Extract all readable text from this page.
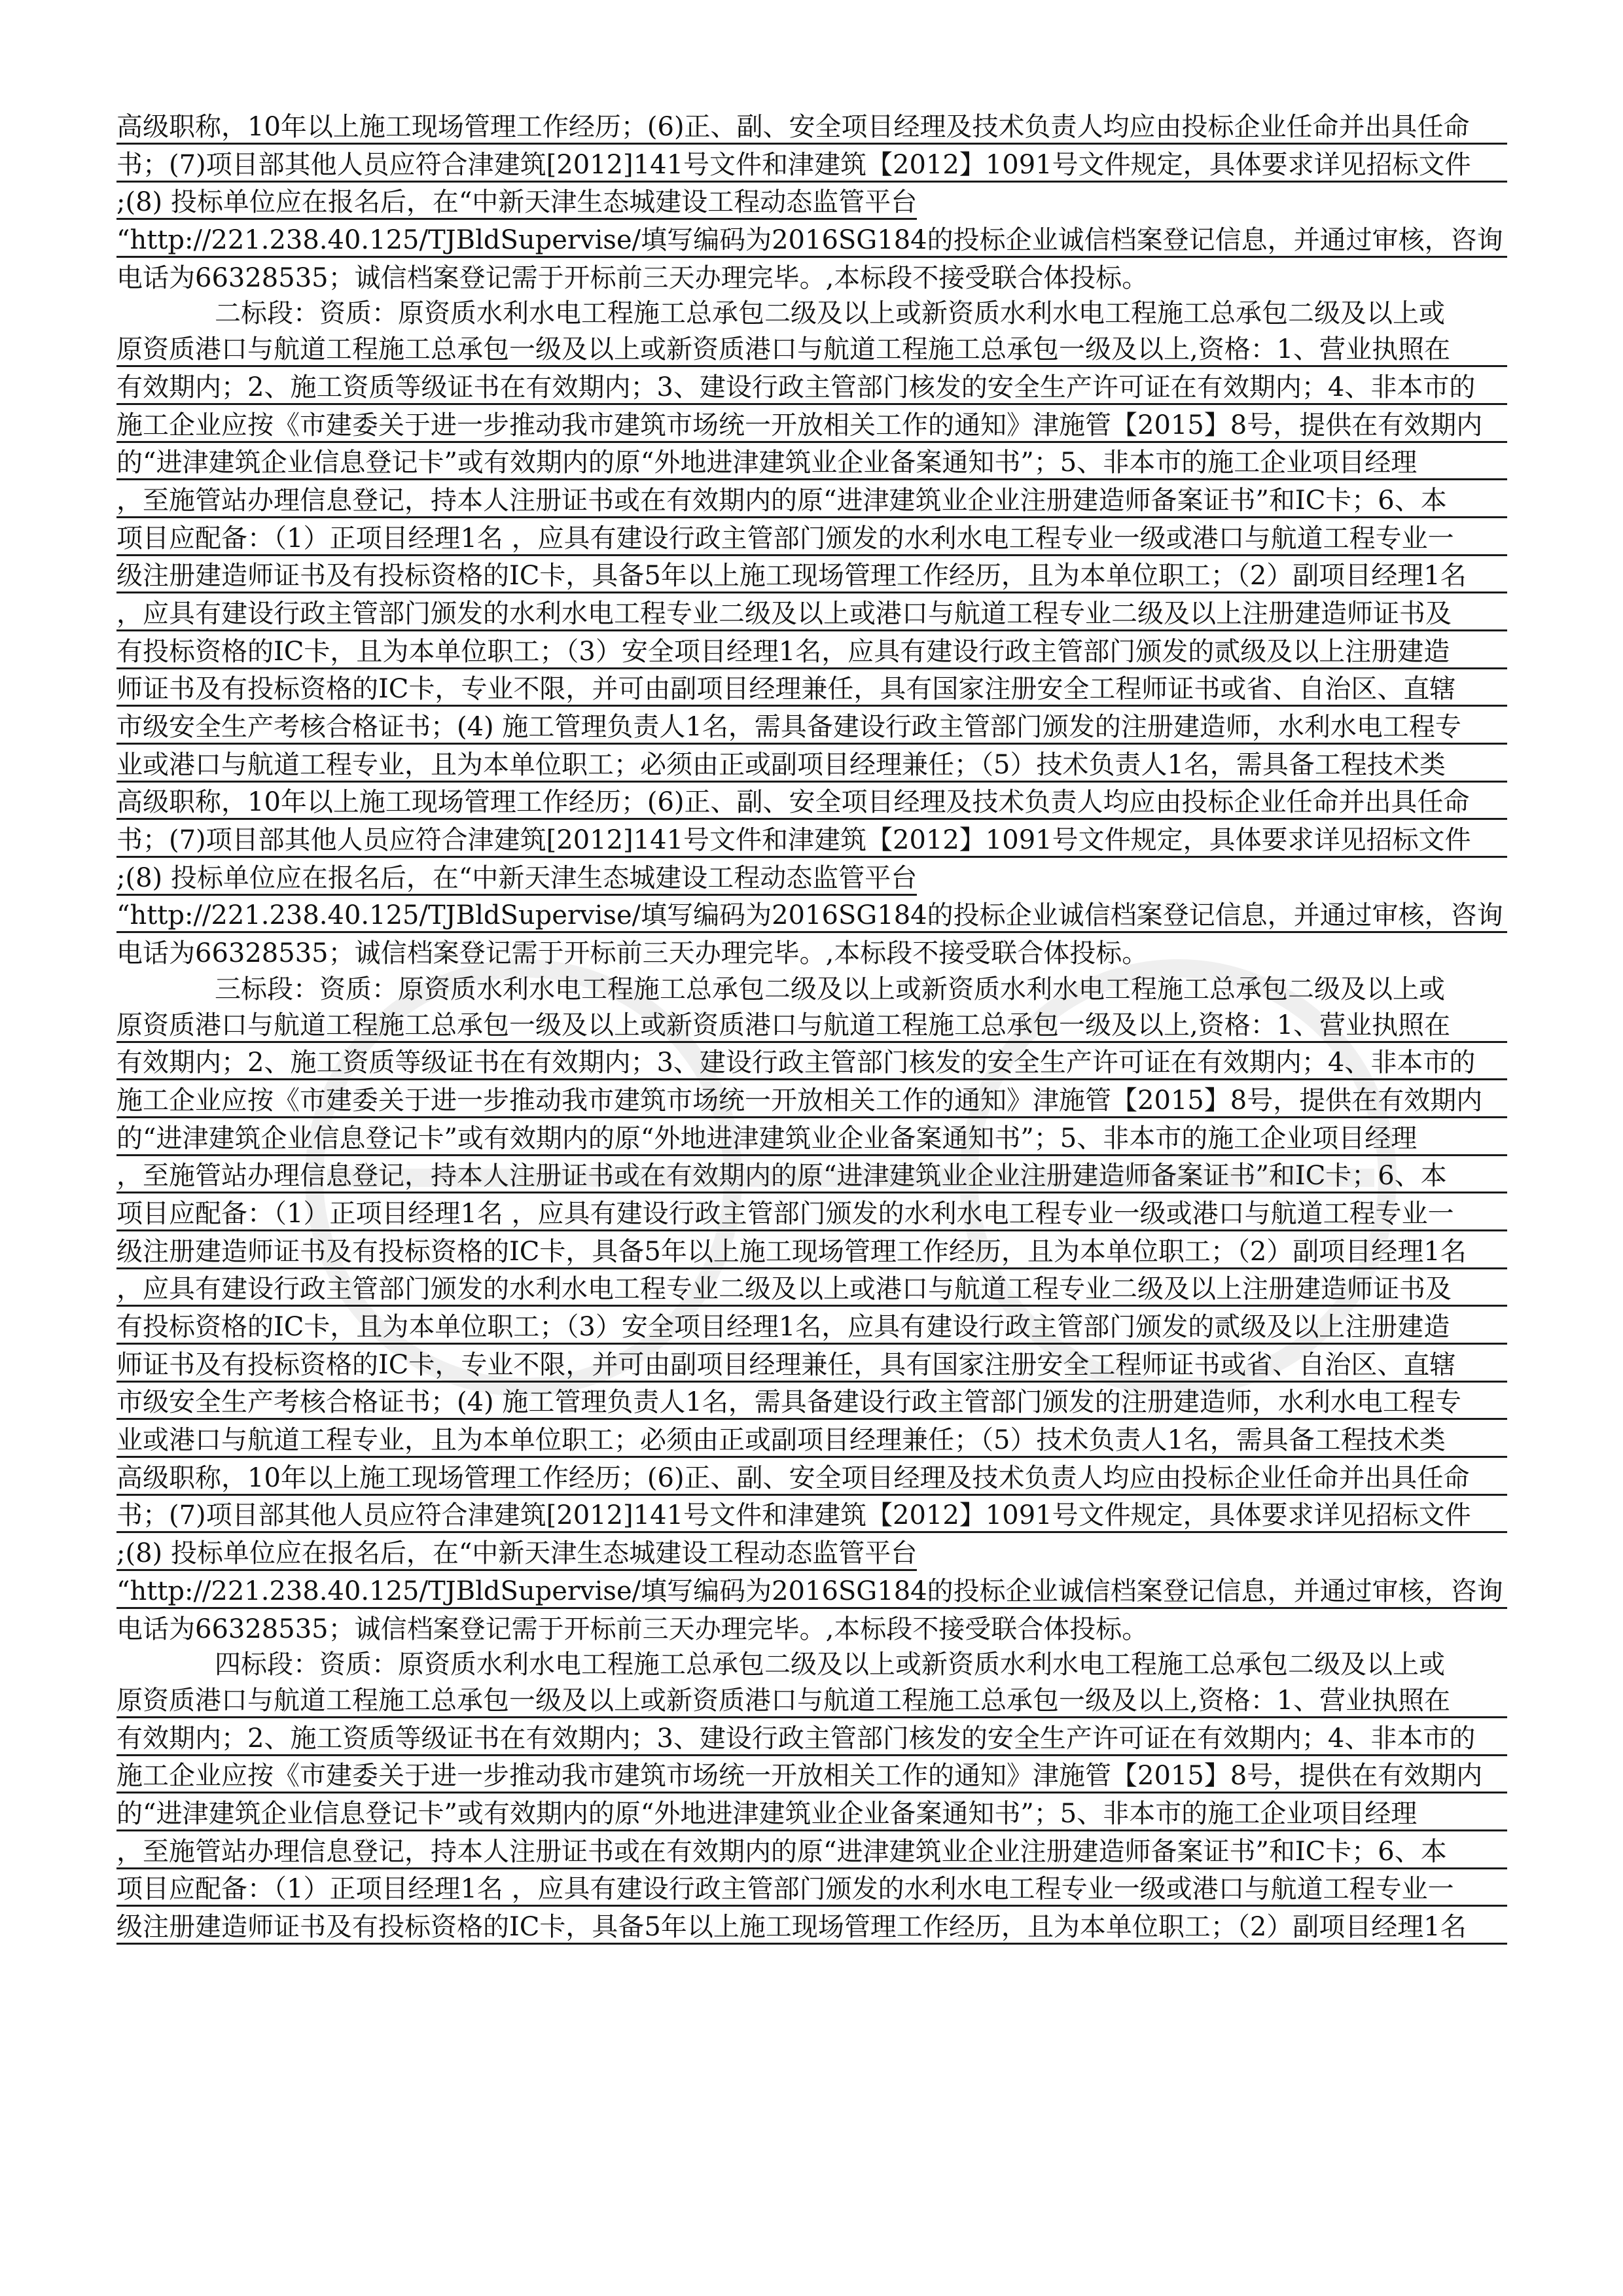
高级职称，10年以上施工现场管理工作经历；(6)正、副、安全项目经理及技术负责人均应由投标企业任命并出具任命
书；(7)项目部其他人员应符合津建筑[2012]141号文件和津建筑【2012】1091号文件规定，具体要求详见招标文件
;(8) 投标单位应在报名后，在“中新天津生态城建设工程动态监管平台
“http://221.238.40.125/TJBldSupervise/填写编码为2016SG184的投标企业诚信档案登记信息，并通过审核，咨询
电话为66328535；诚信档案登记需于开标前三天办理完毕。,本标段不接受联合体投标。
二标段：资质：原资质水利水电工程施工总承包二级及以上或新资质水利水电工程施工总承包二级及以上或
原资质港口与航道工程施工总承包一级及以上或新资质港口与航道工程施工总承包一级及以上,资格：1、营业执照在
有效期内；2、施工资质等级证书在有效期内；3、建设行政主管部门核发的安全生产许可证在有效期内；4、非本市的
施工企业应按《市建委关于进一步推动我市建筑市场统一开放相关工作的通知》津施管【2015】8号，提供在有效期内
的“进津建筑企业信息登记卡”或有效期内的原“外地进津建筑业企业备案通知书”；5、非本市的施工企业项目经理
，至施管站办理信息登记，持本人注册证书或在有效期内的原“进津建筑业企业注册建造师备案证书”和IC卡；6、本
项目应配备：（1）正项目经理1名 ，应具有建设行政主管部门颁发的水利水电工程专业一级或港口与航道工程专业一
级注册建造师证书及有投标资格的IC卡，具备5年以上施工现场管理工作经历，且为本单位职工；（2）副项目经理1名
，应具有建设行政主管部门颁发的水利水电工程专业二级及以上或港口与航道工程专业二级及以上注册建造师证书及
有投标资格的IC卡，且为本单位职工；（3）安全项目经理1名，应具有建设行政主管部门颁发的贰级及以上注册建造
师证书及有投标资格的IC卡，专业不限，并可由副项目经理兼任，具有国家注册安全工程师证书或省、自治区、直辖
市级安全生产考核合格证书；(4) 施工管理负责人1名，需具备建设行政主管部门颁发的注册建造师，水利水电工程专
业或港口与航道工程专业，且为本单位职工；必须由正或副项目经理兼任；（5）技术负责人1名，需具备工程技术类
高级职称，10年以上施工现场管理工作经历；(6)正、副、安全项目经理及技术负责人均应由投标企业任命并出具任命
书；(7)项目部其他人员应符合津建筑[2012]141号文件和津建筑【2012】1091号文件规定，具体要求详见招标文件
;(8) 投标单位应在报名后，在“中新天津生态城建设工程动态监管平台
“http://221.238.40.125/TJBldSupervise/填写编码为2016SG184的投标企业诚信档案登记信息，并通过审核，咨询
电话为66328535；诚信档案登记需于开标前三天办理完毕。,本标段不接受联合体投标。
三标段：资质：原资质水利水电工程施工总承包二级及以上或新资质水利水电工程施工总承包二级及以上或
原资质港口与航道工程施工总承包一级及以上或新资质港口与航道工程施工总承包一级及以上,资格：1、营业执照在
有效期内；2、施工资质等级证书在有效期内；3、建设行政主管部门核发的安全生产许可证在有效期内；4、非本市的
施工企业应按《市建委关于进一步推动我市建筑市场统一开放相关工作的通知》津施管【2015】8号，提供在有效期内
的“进津建筑企业信息登记卡”或有效期内的原“外地进津建筑业企业备案通知书”；5、非本市的施工企业项目经理
，至施管站办理信息登记，持本人注册证书或在有效期内的原“进津建筑业企业注册建造师备案证书”和IC卡；6、本
项目应配备：（1）正项目经理1名 ，应具有建设行政主管部门颁发的水利水电工程专业一级或港口与航道工程专业一
级注册建造师证书及有投标资格的IC卡，具备5年以上施工现场管理工作经历，且为本单位职工；（2）副项目经理1名
，应具有建设行政主管部门颁发的水利水电工程专业二级及以上或港口与航道工程专业二级及以上注册建造师证书及
有投标资格的IC卡，且为本单位职工；（3）安全项目经理1名，应具有建设行政主管部门颁发的贰级及以上注册建造
师证书及有投标资格的IC卡，专业不限，并可由副项目经理兼任，具有国家注册安全工程师证书或省、自治区、直辖
市级安全生产考核合格证书；(4) 施工管理负责人1名，需具备建设行政主管部门颁发的注册建造师，水利水电工程专
业或港口与航道工程专业，且为本单位职工；必须由正或副项目经理兼任；（5）技术负责人1名，需具备工程技术类
高级职称，10年以上施工现场管理工作经历；(6)正、副、安全项目经理及技术负责人均应由投标企业任命并出具任命
书；(7)项目部其他人员应符合津建筑[2012]141号文件和津建筑【2012】1091号文件规定，具体要求详见招标文件
;(8) 投标单位应在报名后，在“中新天津生态城建设工程动态监管平台
“http://221.238.40.125/TJBldSupervise/填写编码为2016SG184的投标企业诚信档案登记信息，并通过审核，咨询
电话为66328535；诚信档案登记需于开标前三天办理完毕。,本标段不接受联合体投标。
四标段：资质：原资质水利水电工程施工总承包二级及以上或新资质水利水电工程施工总承包二级及以上或
原资质港口与航道工程施工总承包一级及以上或新资质港口与航道工程施工总承包一级及以上,资格：1、营业执照在
有效期内；2、施工资质等级证书在有效期内；3、建设行政主管部门核发的安全生产许可证在有效期内；4、非本市的
施工企业应按《市建委关于进一步推动我市建筑市场统一开放相关工作的通知》津施管【2015】8号，提供在有效期内
的“进津建筑企业信息登记卡”或有效期内的原“外地进津建筑业企业备案通知书”；5、非本市的施工企业项目经理
，至施管站办理信息登记，持本人注册证书或在有效期内的原“进津建筑业企业注册建造师备案证书”和IC卡；6、本
项目应配备：（1）正项目经理1名 ，应具有建设行政主管部门颁发的水利水电工程专业一级或港口与航道工程专业一
级注册建造师证书及有投标资格的IC卡，具备5年以上施工现场管理工作经历，且为本单位职工；（2）副项目经理1名
